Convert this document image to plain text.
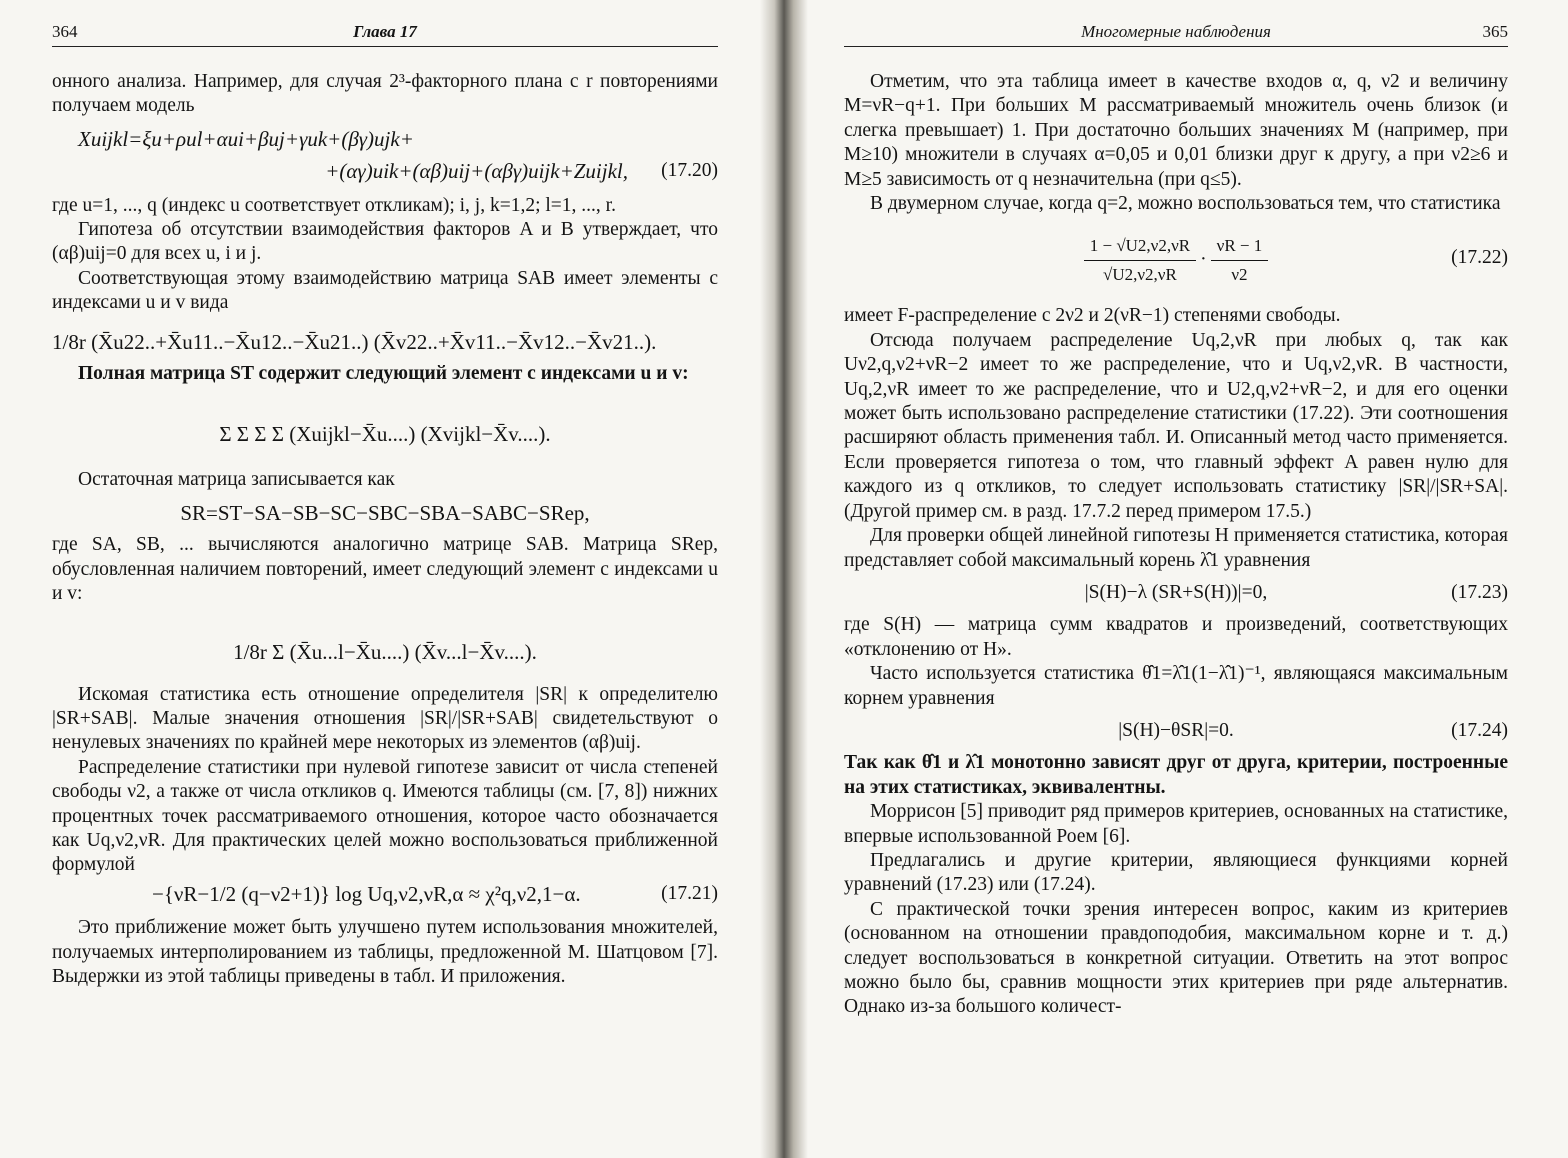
364	Глава 17

онного анализа. Например, для случая 2³-факторного плана с r повторениями получаем модель

Xuijkl=ξu+ρul+αui+βuj+γuk+(βγ)ujk+
+(αγ)uik+(αβ)uij+(αβγ)uijk+Zuijkl, (17.20)

где u=1, ..., q (индекс u соответствует откликам); i, j, k=1,2; l=1, ..., r.

Гипотеза об отсутствии взаимодействия факторов A и B утверждает, что (αβ)uij=0 для всех u, i и j.

Соответствующая этому взаимодействию матрица SAB имеет элементы с индексами u и v вида

1/8r (X̄u22..+X̄u11..−X̄u12..−X̄u21..) (X̄v22..+X̄v11..−X̄v12..−X̄v21..).

Полная матрица ST содержит следующий элемент с индексами u и v:

Σ Σ Σ Σ (Xuijkl−X̄u....) (Xvijkl−X̄v....).

Остаточная матрица записывается как

SR=ST−SA−SB−SC−SBC−SBA−SABC−SRep,

где SA, SB, ... вычисляются аналогично матрице SAB. Матрица SRep, обусловленная наличием повторений, имеет следующий элемент с индексами u и v:

1/8r Σ (X̄u...l−X̄u....) (X̄v...l−X̄v....).

Искомая статистика есть отношение определителя |SR| к определителю |SR+SAB|. Малые значения отношения |SR|/|SR+SAB| свидетельствуют о ненулевых значениях по крайней мере некоторых из элементов (αβ)uij.

Распределение статистики при нулевой гипотезе зависит от числа степеней свободы ν2, а также от числа откликов q. Имеются таблицы (см. [7, 8]) нижних процентных точек рассматриваемого отношения, которое часто обозначается как Uq,ν2,νR. Для практических целей можно воспользоваться приближенной формулой

−{νR−1/2 (q−ν2+1)} log Uq,ν2,νR,α ≈ χ²q,ν2,1−α.	(17.21)

Это приближение может быть улучшено путем использования множителей, получаемых интерполированием из таблицы, предложенной М. Шатцовом [7]. Выдержки из этой таблицы приведены в табл. И приложения.

Многомерные наблюдения	365

Отметим, что эта таблица имеет в качестве входов α, q, ν2 и величину M=νR−q+1. При больших M рассматриваемый множитель очень близок (и слегка превышает) 1. При достаточно больших значениях M (например, при M≥10) множители в случаях α=0,05 и 0,01 близки друг к другу, а при ν2≥6 и M≥5 зависимость от q незначительна (при q≤5).

В двумерном случае, когда q=2, можно воспользоваться тем, что статистика

1 − √U2,ν2,νR
√U2,ν2,νR
·
νR − 1
ν2
(17.22)

имеет F-распределение с 2ν2 и 2(νR−1) степенями свободы.

Отсюда получаем распределение Uq,2,νR при любых q, так как Uν2,q,ν2+νR−2 имеет то же распределение, что и Uq,ν2,νR. В частности, Uq,2,νR имеет то же распределение, что и U2,q,ν2+νR−2, и для его оценки может быть использовано распределение статистики (17.22). Эти соотношения расширяют область применения табл. И. Описанный метод часто применяется. Если проверяется гипотеза о том, что главный эффект A равен нулю для каждого из q откликов, то следует использовать статистику |SR|/|SR+SA|. (Другой пример см. в разд. 17.7.2 перед примером 17.5.)

Для проверки общей линейной гипотезы H применяется статистика, которая представляет собой максимальный корень λ̂1 уравнения

|S(H)−λ (SR+S(H))|=0,	(17.23)

где S(H) — матрица сумм квадратов и произведений, соответствующих «отклонению от H».

Часто используется статистика θ̂1=λ̂1(1−λ̂1)⁻¹, являющаяся максимальным корнем уравнения

|S(H)−θSR|=0.	(17.24)

Так как θ̂1 и λ̂1 монотонно зависят друг от друга, критерии, построенные на этих статистиках, эквивалентны.

Моррисон [5] приводит ряд примеров критериев, основанных на статистике, впервые использованной Роем [6].

Предлагались и другие критерии, являющиеся функциями корней уравнений (17.23) или (17.24).

С практической точки зрения интересен вопрос, каким из критериев (основанном на отношении правдоподобия, максимальном корне и т. д.) следует воспользоваться в конкретной ситуации. Ответить на этот вопрос можно было бы, сравнив мощности этих критериев при ряде альтернатив. Однако из-за большого количест-
